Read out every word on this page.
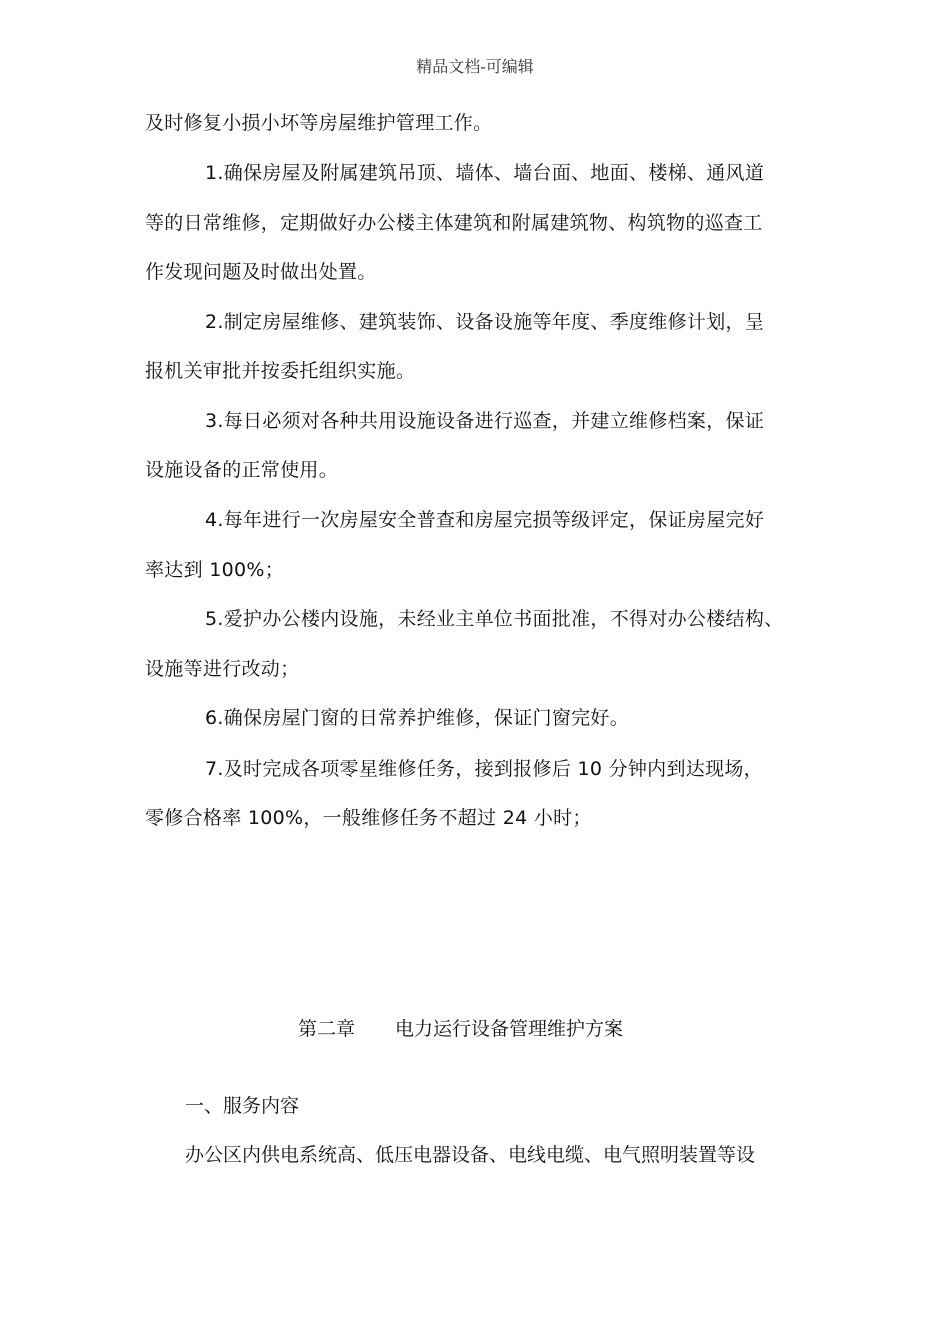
精品文档-可编辑
及时修复小损小坏等房屋维护管理工作。
1.确保房屋及附属建筑吊顶、墙体、墙台面、地面、楼梯、通风道
等的日常维修，定期做好办公楼主体建筑和附属建筑物、构筑物的巡查工
作发现问题及时做出处置。
2.制定房屋维修、建筑装饰、设备设施等年度、季度维修计划，呈
报机关审批并按委托组织实施。
3.每日必须对各种共用设施设备进行巡查，并建立维修档案，保证
设施设备的正常使用。
4.每年进行一次房屋安全普查和房屋完损等级评定，保证房屋完好
率达到 100%；
5.爱护办公楼内设施，未经业主单位书面批准，不得对办公楼结构、
设施等进行改动；
6.确保房屋门窗的日常养护维修，保证门窗完好。
7.及时完成各项零星维修任务，接到报修后 10 分钟内到达现场，
零修合格率 100%，一般维修任务不超过 24 小时；
第二章 电力运行设备管理维护方案
一、服务内容
办公区内供电系统高、低压电器设备、电线电缆、电气照明装置等设
